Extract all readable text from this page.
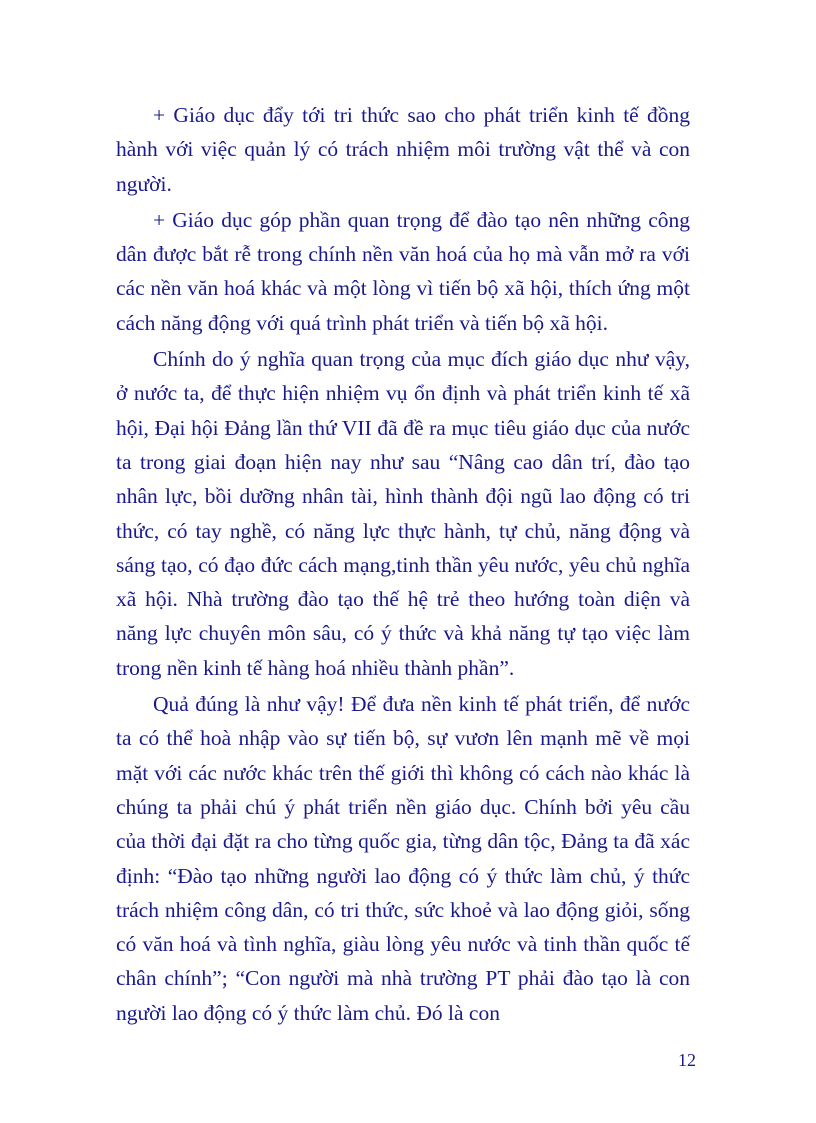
+ Giáo dục đẩy tới tri thức sao cho phát triển kinh tế đồng hành với việc quản lý có trách nhiệm môi trường vật thể và con người.

+ Giáo dục góp phần quan trọng để đào tạo nên những công dân được bắt rễ trong chính nền văn hoá của họ mà vẫn mở ra với các nền văn hoá khác và một lòng vì tiến bộ xã hội, thích ứng một cách năng động với quá trình phát triển và tiến bộ xã hội.

Chính do ý nghĩa quan trọng của mục đích giáo dục như vậy, ở nước ta, để thực hiện nhiệm vụ ổn định và phát triển kinh tế xã hội, Đại hội Đảng lần thứ VII đã đề ra mục tiêu giáo dục của nước ta trong giai đoạn hiện nay như sau “Nâng cao dân trí, đào tạo nhân lực, bồi dưỡng nhân tài, hình thành đội ngũ lao động có tri thức, có tay nghề, có năng lực thực hành, tự chủ, năng động và sáng tạo, có đạo đức cách mạng,tinh thần yêu nước, yêu chủ nghĩa xã hội. Nhà trường đào tạo thế hệ trẻ theo hướng toàn diện và năng lực chuyên môn sâu, có ý thức và khả năng tự tạo việc làm trong nền kinh tế hàng hoá nhiều thành phần”.

Quả đúng là như vậy! Để đưa nền kinh tế phát triển, để nước ta có thể hoà nhập vào sự tiến bộ, sự vươn lên mạnh mẽ về mọi mặt với các nước khác trên thế giới thì không có cách nào khác là chúng ta phải chú ý phát triển nền giáo dục. Chính bởi yêu cầu của thời đại đặt ra cho từng quốc gia, từng dân tộc, Đảng ta đã xác định: “Đào tạo những người lao động có ý thức làm chủ, ý thức trách nhiệm công dân, có tri thức, sức khoẻ và lao động giỏi, sống có văn hoá và tình nghĩa, giàu lòng yêu nước và tinh thần quốc tế chân chính”; “Con người mà nhà trường PT phải đào tạo là con người lao động có ý thức làm chủ. Đó là con

12
